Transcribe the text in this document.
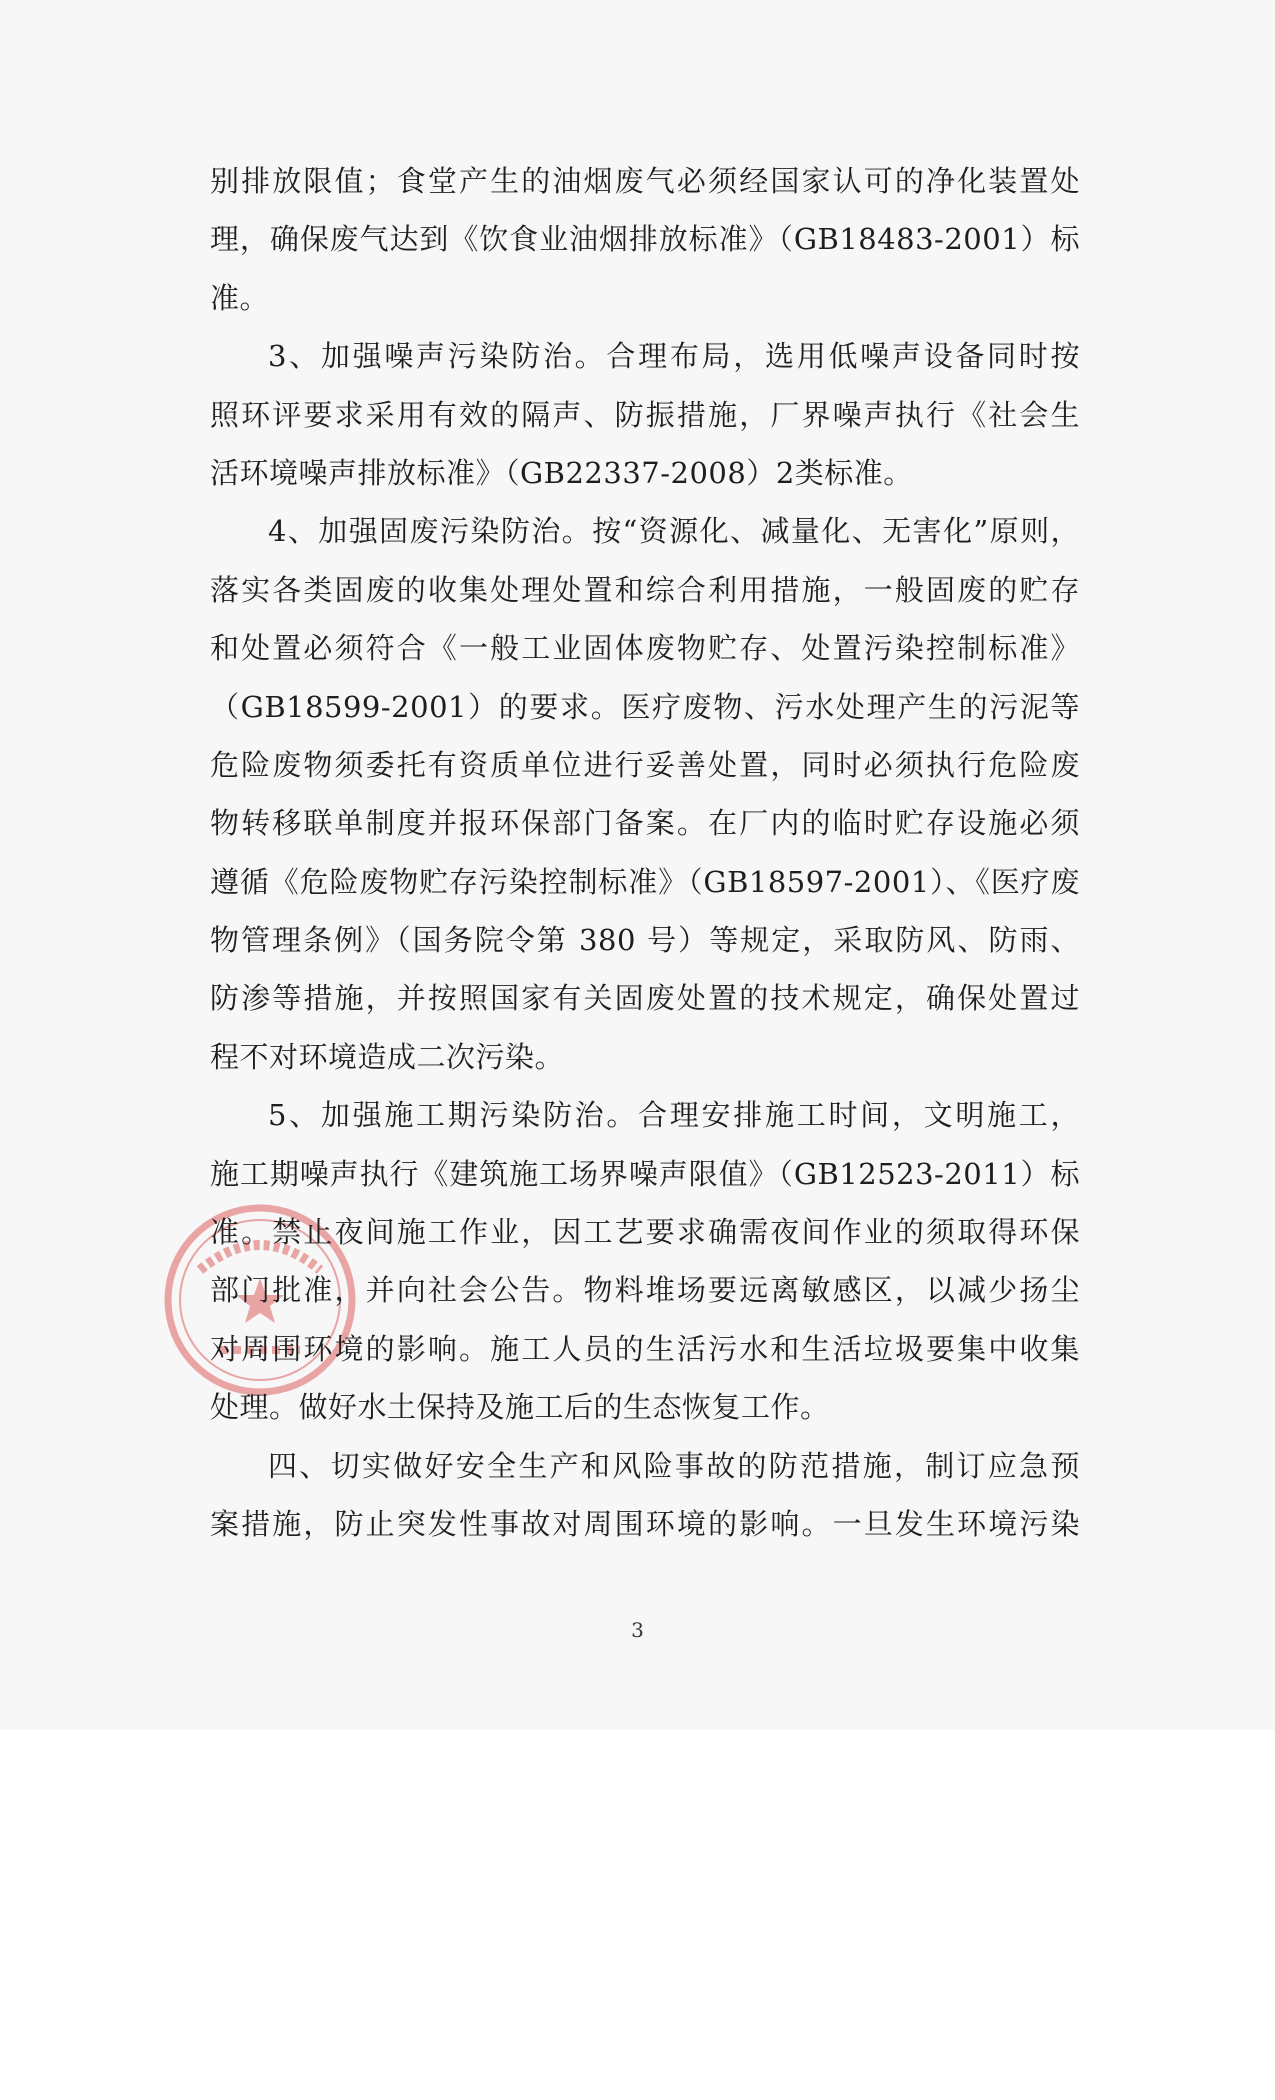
别排放限值；食堂产生的油烟废气必须经国家认可的净化装置处
理，确保废气达到《饮食业油烟排放标准》（GB18483-2001）标
准。
3、加强噪声污染防治。合理布局，选用低噪声设备同时按
照环评要求采用有效的隔声、防振措施，厂界噪声执行《社会生
活环境噪声排放标准》（GB22337-2008）2类标准。
4、加强固废污染防治。按“资源化、减量化、无害化”原则，
落实各类固废的收集处理处置和综合利用措施，一般固废的贮存
和处置必须符合《一般工业固体废物贮存、处置污染控制标准》
（GB18599-2001）的要求。医疗废物、污水处理产生的污泥等
危险废物须委托有资质单位进行妥善处置，同时必须执行危险废
物转移联单制度并报环保部门备案。在厂内的临时贮存设施必须
遵循《危险废物贮存污染控制标准》（GB18597-2001）、《医疗废
物管理条例》（国务院令第 380 号）等规定，采取防风、防雨、
防渗等措施，并按照国家有关固废处置的技术规定，确保处置过
程不对环境造成二次污染。
5、加强施工期污染防治。合理安排施工时间，文明施工，
施工期噪声执行《建筑施工场界噪声限值》（GB12523-2011）标
准。禁止夜间施工作业，因工艺要求确需夜间作业的须取得环保
部门批准，并向社会公告。物料堆场要远离敏感区，以减少扬尘
对周围环境的影响。施工人员的生活污水和生活垃圾要集中收集
处理。做好水土保持及施工后的生态恢复工作。
四、切实做好安全生产和风险事故的防范措施，制订应急预
案措施，防止突发性事故对周围环境的影响。一旦发生环境污染
3
